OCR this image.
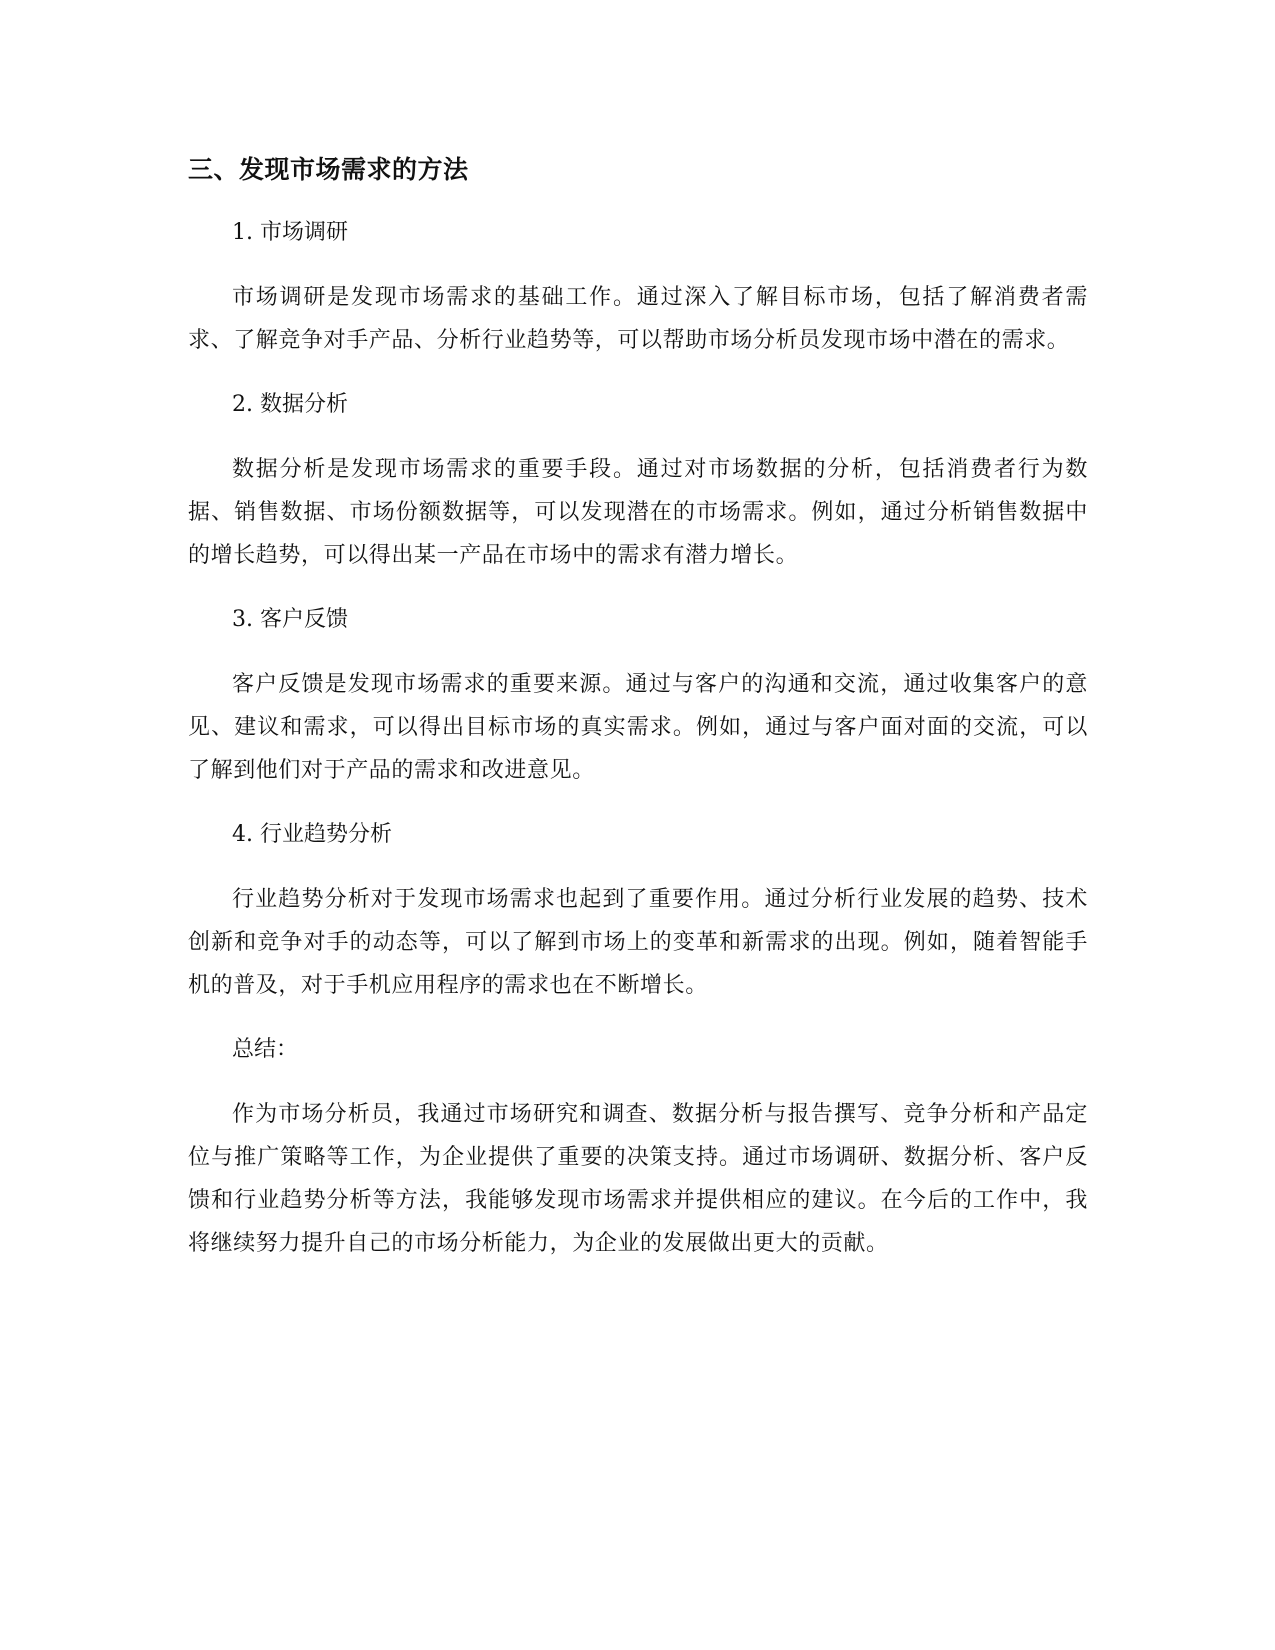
三、发现市场需求的方法
1. 市场调研

市场调研是发现市场需求的基础工作。通过深入了解目标市场，包括了解消费者需求、了解竞争对手产品、分析行业趋势等，可以帮助市场分析员发现市场中潜在的需求。

2. 数据分析

数据分析是发现市场需求的重要手段。通过对市场数据的分析，包括消费者行为数据、销售数据、市场份额数据等，可以发现潜在的市场需求。例如，通过分析销售数据中的增长趋势，可以得出某一产品在市场中的需求有潜力增长。

3. 客户反馈

客户反馈是发现市场需求的重要来源。通过与客户的沟通和交流，通过收集客户的意见、建议和需求，可以得出目标市场的真实需求。例如，通过与客户面对面的交流，可以了解到他们对于产品的需求和改进意见。

4. 行业趋势分析

行业趋势分析对于发现市场需求也起到了重要作用。通过分析行业发展的趋势、技术创新和竞争对手的动态等，可以了解到市场上的变革和新需求的出现。例如，随着智能手机的普及，对于手机应用程序的需求也在不断增长。

总结：

作为市场分析员，我通过市场研究和调查、数据分析与报告撰写、竞争分析和产品定位与推广策略等工作，为企业提供了重要的决策支持。通过市场调研、数据分析、客户反馈和行业趋势分析等方法，我能够发现市场需求并提供相应的建议。在今后的工作中，我将继续努力提升自己的市场分析能力，为企业的发展做出更大的贡献。
